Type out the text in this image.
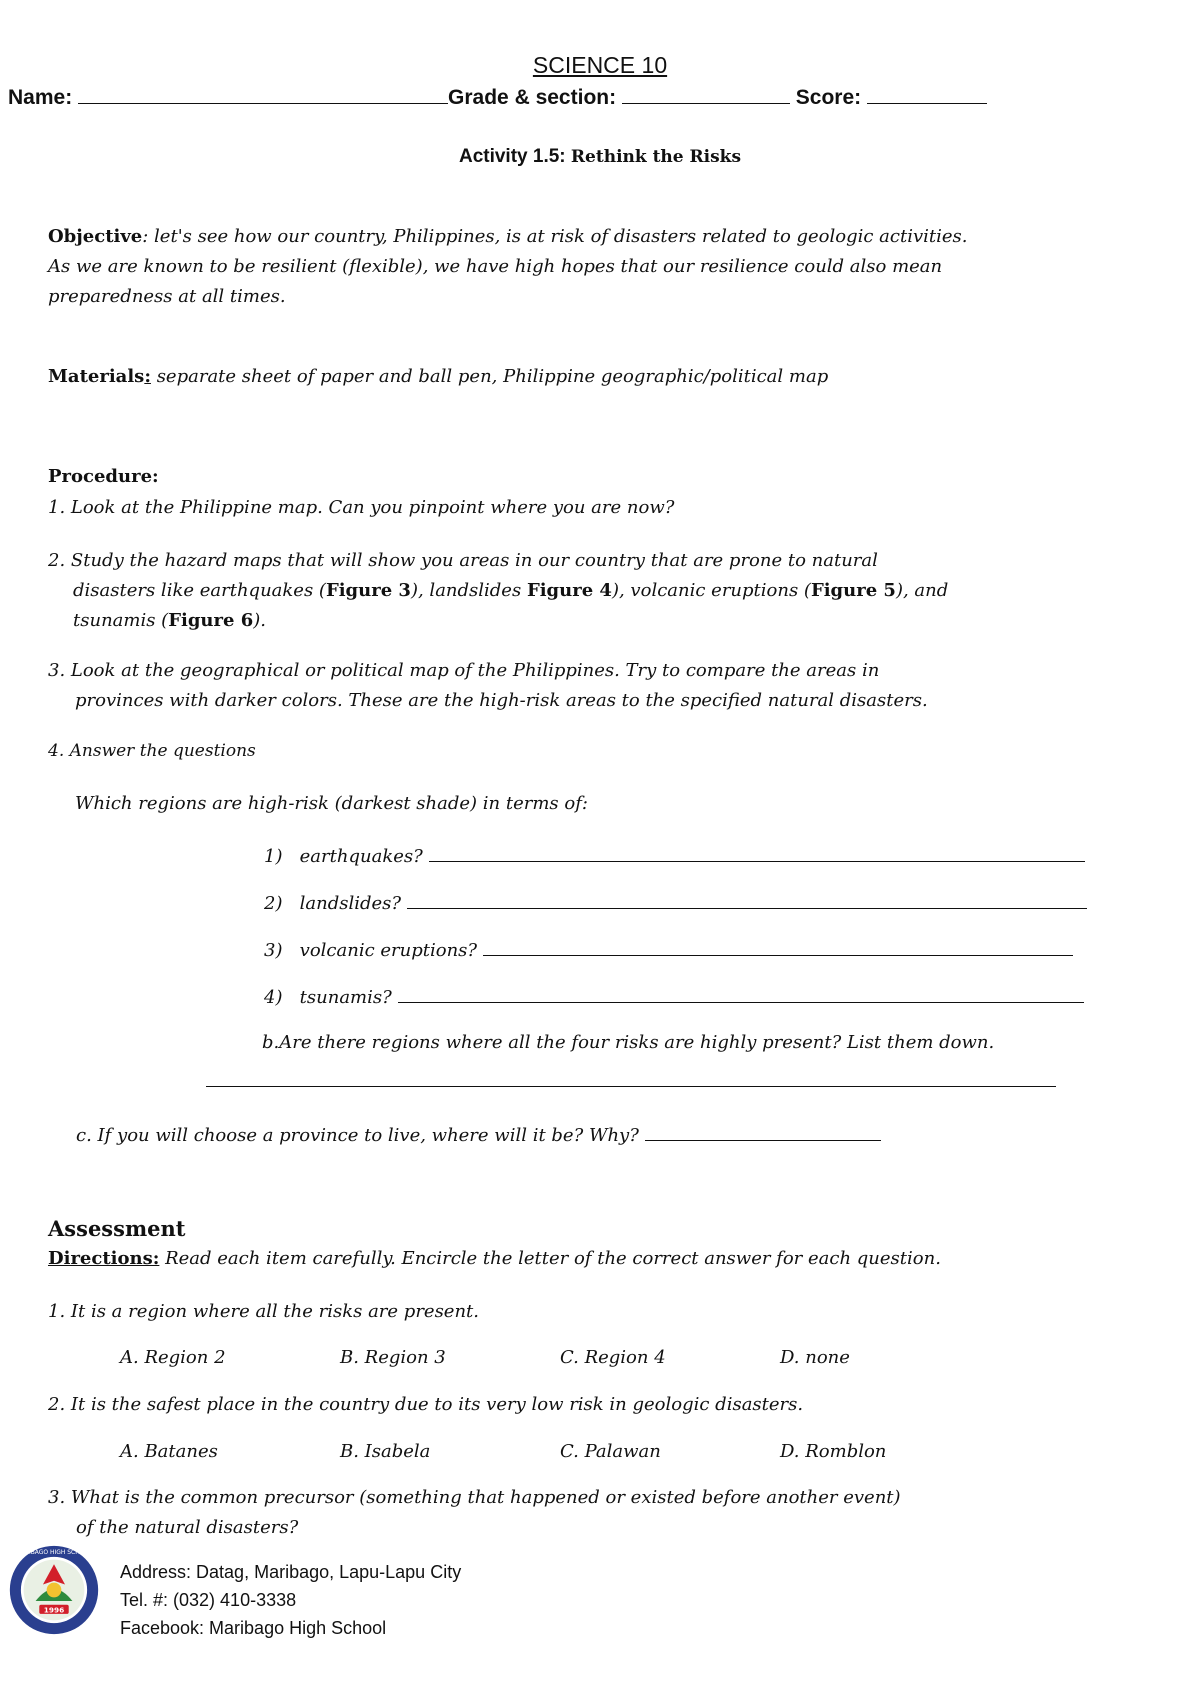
SCIENCE 10
Name:	Grade & section:	Score:
Activity 1.5: Rethink the Risks
Objective: let's see how our country, Philippines, is at risk of disasters related to geologic activities.
As we are known to be resilient (flexible), we have high hopes that our resilience could also mean
preparedness at all times.
Materials: separate sheet of paper and ball pen, Philippine geographic/political map
Procedure:
1. Look at the Philippine map. Can you pinpoint where you are now?
2. Study the hazard maps that will show you areas in our country that are prone to natural
disasters like earthquakes (Figure 3), landslides Figure 4), volcanic eruptions (Figure 5), and
tsunamis (Figure 6).
3. Look at the geographical or political map of the Philippines. Try to compare the areas in
provinces with darker colors. These are the high-risk areas to the specified natural disasters.
4. Answer the questions
Which regions are high-risk (darkest shade) in terms of:
1) earthquakes?
2) landslides?
3) volcanic eruptions?
4) tsunamis?
b.Are there regions where all the four risks are highly present? List them down.
c. If you will choose a province to live, where will it be? Why?
Assessment
Directions: Read each item carefully. Encircle the letter of the correct answer for each question.
1. It is a region where all the risks are present.
A. Region 2	B. Region 3	C. Region 4	D. none
2. It is the safest place in the country due to its very low risk in geologic disasters.
A. Batanes	B. Isabela	C. Palawan	D. Romblon
3. What is the common precursor (something that happened or existed before another event)
of the natural disasters?
1996
MARIBAGO HIGH SCHOOL
Address: Datag, Maribago, Lapu-Lapu City
Tel. #: (032) 410-3338
Facebook: Maribago High School
